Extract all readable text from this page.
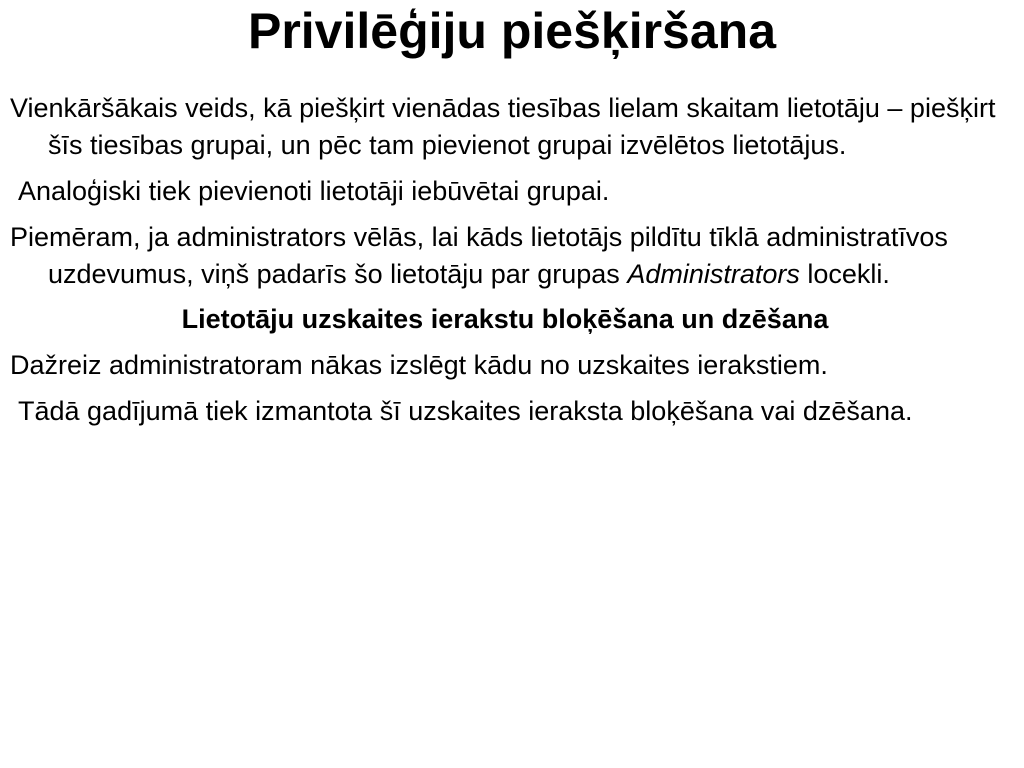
Privilēģiju piešķiršana

Vienkāršākais veids, kā piešķirt vienādas tiesības lielam skaitam lietotāju – piešķirt šīs tiesības grupai, un pēc tam pievienot grupai izvēlētos lietotājus.

Analoģiski tiek pievienoti lietotāji iebūvētai grupai.

Piemēram, ja administrators vēlās, lai kāds lietotājs pildītu tīklā administratīvos uzdevumus, viņš padarīs šo lietotāju par grupas Administrators locekli.

Lietotāju uzskaites ierakstu bloķēšana un dzēšana

Dažreiz administratoram nākas izslēgt kādu no uzskaites ierakstiem.

Tādā gadījumā tiek izmantota šī uzskaites ieraksta bloķēšana vai dzēšana.
